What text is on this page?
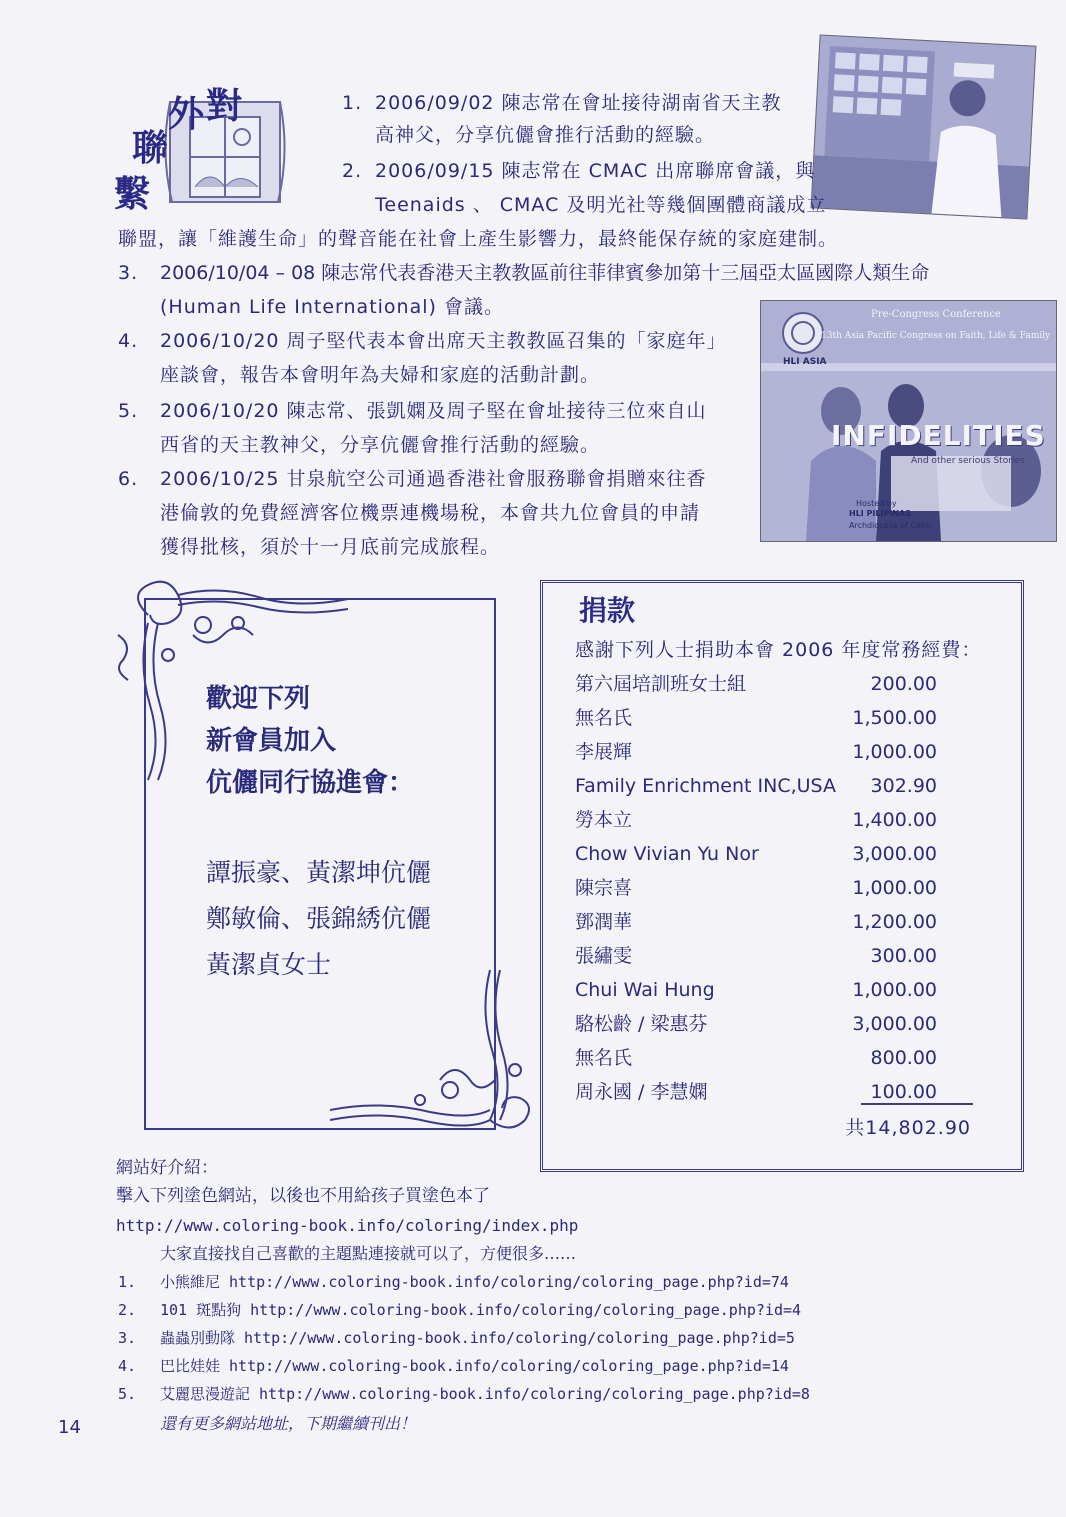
外 對
聯
繫
1. 2006/09/02 陳志常在會址接待湖南省天主教
高神父，分享伉儷會推行活動的經驗。
2. 2006/09/15 陳志常在 CMAC 出席聯席會議，與
Teenaids 、 CMAC 及明光社等幾個團體商議成立
聯盟，讓「維護生命」的聲音能在社會上產生影響力，最終能保存統的家庭建制。
3. 2006/10/04 – 08 陳志常代表香港天主教教區前往菲律賓參加第十三屆亞太區國際人類生命
(Human Life International) 會議。
4. 2006/10/20 周子堅代表本會出席天主教教區召集的「家庭年」
座談會，報告本會明年為夫婦和家庭的活動計劃。
5. 2006/10/20 陳志常、張凱嫻及周子堅在會址接待三位來自山
西省的天主教神父，分享伉儷會推行活動的經驗。
6. 2006/10/25 甘泉航空公司通過香港社會服務聯會捐贈來往香
港倫敦的免費經濟客位機票連機場稅，本會共九位會員的申請
獲得批核，須於十一月底前完成旅程。
Pre-Congress Conference
13th Asia Pacific Congress on Faith, Life & Family
HLI ASIA
INFIDELITIES
And other serious Stories
Hosted by
HLI PILIPINAS
Archdiocese of Cebu
歡迎下列
新會員加入
伉儷同行協進會：
譚振豪、黃潔坤伉儷
鄭敏倫、張錦綉伉儷
黃潔貞女士
捐款
感謝下列人士捐助本會 2006 年度常務經費：
第六屆培訓班女士組	200.00
無名氏	1,500.00
李展輝	1,000.00
Family Enrichment INC,USA 302.90
勞本立	1,400.00
Chow Vivian Yu Nor	3,000.00
陳宗喜	1,000.00
鄧潤華	1,200.00
張繡雯	300.00
Chui Wai Hung	1,000.00
駱松齡 / 梁惠芬	3,000.00
無名氏	800.00
周永國 / 李慧嫻	100.00
共14,802.90
網站好介紹：
擊入下列塗色網站，以後也不用給孩子買塗色本了
http://www.coloring-book.info/coloring/index.php
大家直接找自己喜歡的主題點連接就可以了，方便很多……
1. 小熊維尼 http://www.coloring-book.info/coloring/coloring_page.php?id=74
2. 101 斑點狗 http://www.coloring-book.info/coloring/coloring_page.php?id=4
3. 蟲蟲別動隊 http://www.coloring-book.info/coloring/coloring_page.php?id=5
4. 巴比娃娃 http://www.coloring-book.info/coloring/coloring_page.php?id=14
5. 艾麗思漫遊記 http://www.coloring-book.info/coloring/coloring_page.php?id=8
還有更多網站地址，下期繼續刊出！
14
